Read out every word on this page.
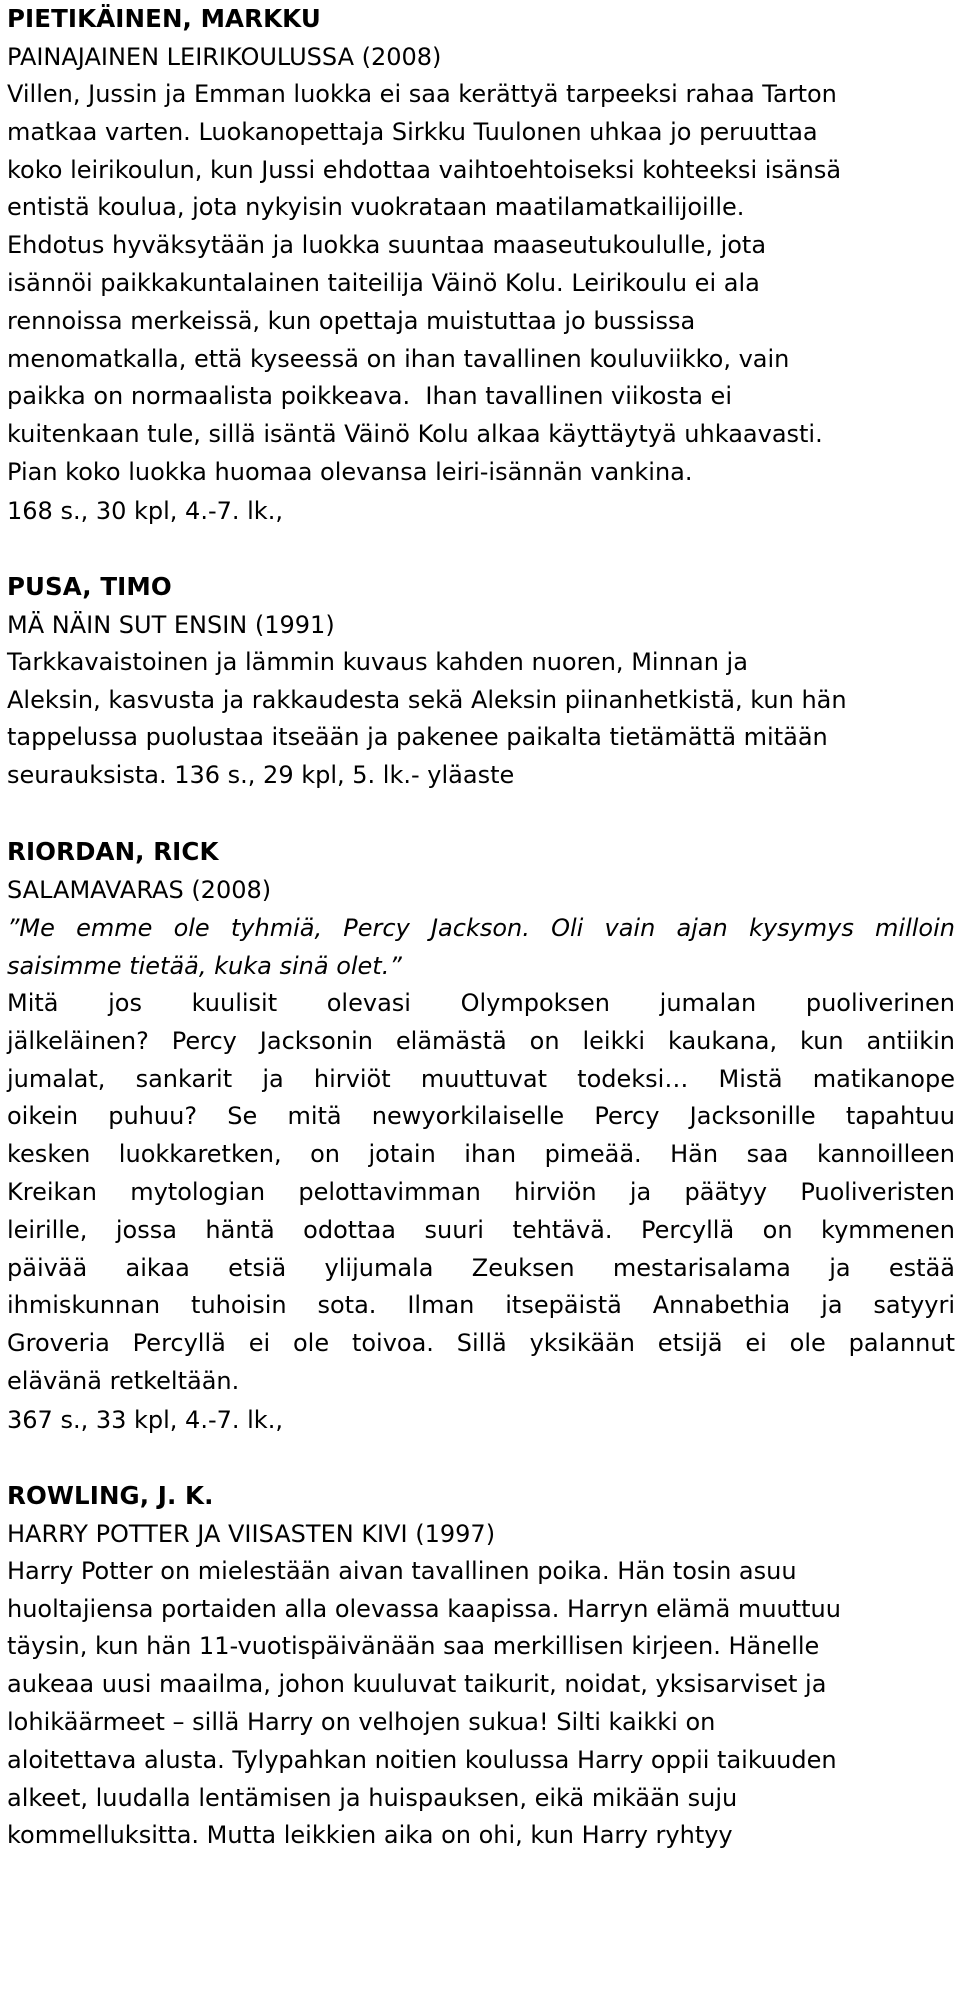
PIETIKÄINEN, MARKKU

PAINAJAINEN LEIRIKOULUSSA (2008)

Villen, Jussin ja Emman luokka ei saa kerättyä tarpeeksi rahaa Tarton
matkaa varten. Luokanopettaja Sirkku Tuulonen uhkaa jo peruuttaa
koko leirikoulun, kun Jussi ehdottaa vaihtoehtoiseksi kohteeksi isänsä
entistä koulua, jota nykyisin vuokrataan maatilamatkailijoille.
Ehdotus hyväksytään ja luokka suuntaa maaseutukoululle, jota
isännöi paikkakuntalainen taiteilija Väinö Kolu. Leirikoulu ei ala
rennoissa merkeissä, kun opettaja muistuttaa jo bussissa
menomatkalla, että kyseessä on ihan tavallinen kouluviikko, vain
paikka on normaalista poikkeava.  Ihan tavallinen viikosta ei
kuitenkaan tule, sillä isäntä Väinö Kolu alkaa käyttäytyä uhkaavasti.
Pian koko luokka huomaa olevansa leiri-isännän vankina.

168 s., 30 kpl, 4.-7. lk.,

PUSA, TIMO

MÄ NÄIN SUT ENSIN (1991)

Tarkkavaistoinen ja lämmin kuvaus kahden nuoren, Minnan ja
Aleksin, kasvusta ja rakkaudesta sekä Aleksin piinanhetkistä, kun hän
tappelussa puolustaa itseään ja pakenee paikalta tietämättä mitään
seurauksista. 136 s., 29 kpl, 5. lk.- yläaste

RIORDAN, RICK

SALAMAVARAS (2008)

”Me emme ole tyhmiä, Percy Jackson. Oli vain ajan kysymys milloin
saisimme tietää, kuka sinä olet.”
Mitä jos kuulisit olevasi Olympoksen jumalan puoliverinen
jälkeläinen? Percy Jacksonin elämästä on leikki kaukana, kun antiikin
jumalat, sankarit ja hirviöt muuttuvat todeksi… Mistä matikanope
oikein puhuu? Se mitä newyorkilaiselle Percy Jacksonille tapahtuu
kesken luokkaretken, on jotain ihan pimeää. Hän saa kannoilleen
Kreikan mytologian pelottavimman hirviön ja päätyy Puoliveristen
leirille, jossa häntä odottaa suuri tehtävä. Percyllä on kymmenen
päivää aikaa etsiä ylijumala Zeuksen mestarisalama ja estää
ihmiskunnan tuhoisin sota. Ilman itsepäistä Annabethia ja satyyri
Groveria Percyllä ei ole toivoa. Sillä yksikään etsijä ei ole palannut
elävänä retkeltään.

367 s., 33 kpl, 4.-7. lk.,

ROWLING, J. K.

HARRY POTTER JA VIISASTEN KIVI (1997)

Harry Potter on mielestään aivan tavallinen poika. Hän tosin asuu
huoltajiensa portaiden alla olevassa kaapissa. Harryn elämä muuttuu
täysin, kun hän 11-vuotispäivänään saa merkillisen kirjeen. Hänelle
aukeaa uusi maailma, johon kuuluvat taikurit, noidat, yksisarviset ja
lohikäärmeet – sillä Harry on velhojen sukua! Silti kaikki on
aloitettava alusta. Tylypahkan noitien koulussa Harry oppii taikuuden
alkeet, luudalla lentämisen ja huispauksen, eikä mikään suju
kommelluksitta. Mutta leikkien aika on ohi, kun Harry ryhtyy
